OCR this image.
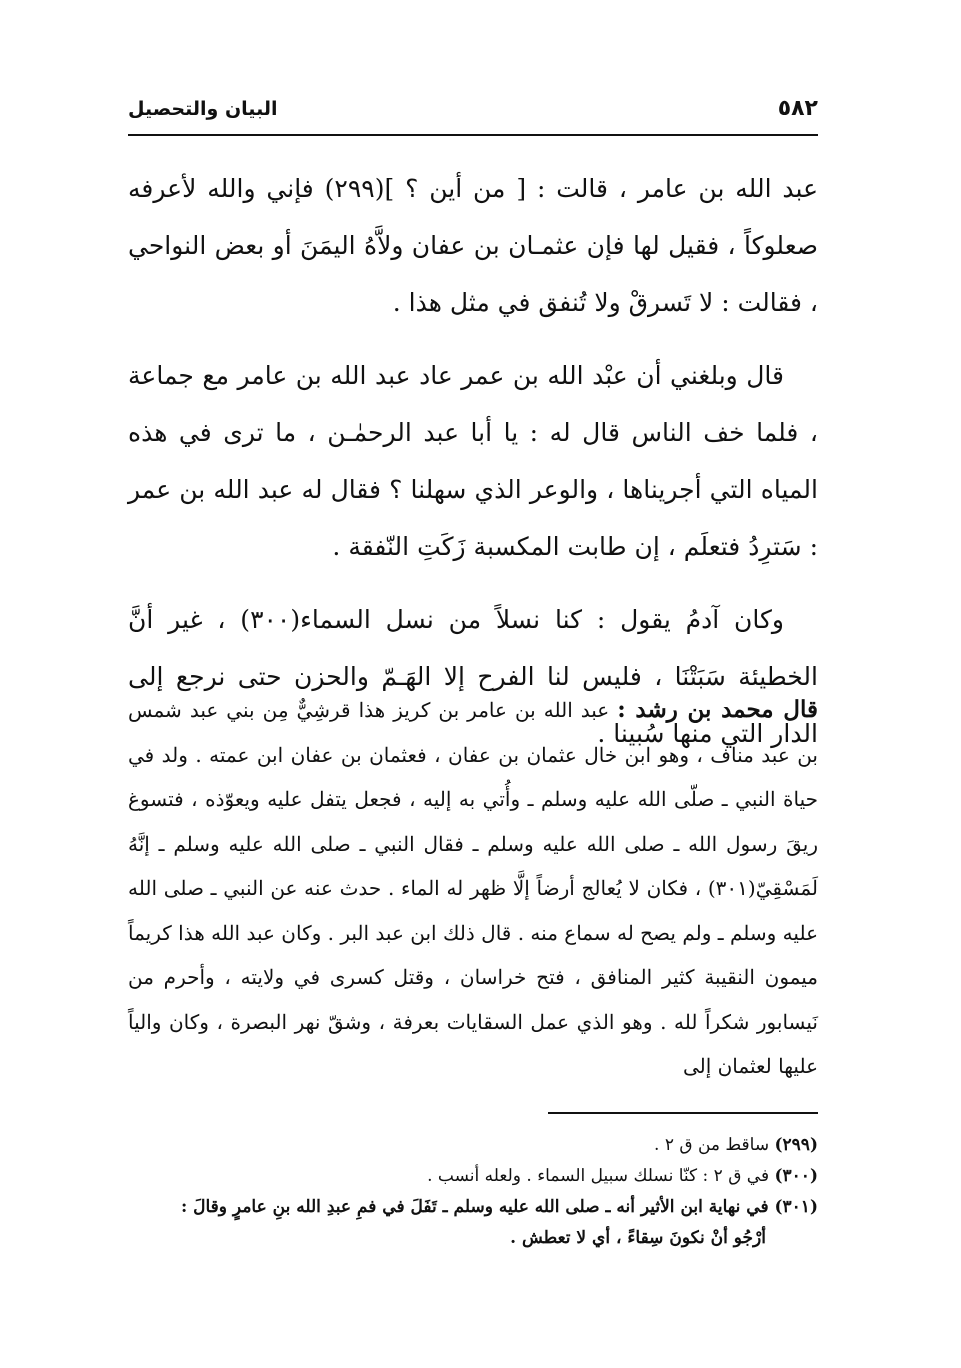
٥٨٢
البيان والتحصيل

عبد الله بن عامر ، قالت : [ من أين ؟ ](٢٩٩) فإني والله لأعرفه صعلوكاً ، فقيل لها فإن عثمـان بن عفان ولاَّهُ اليمَنَ أو بعض النواحي ، فقالت : لا تَسرقْ ولا تُنفق في مثل هذا .

قال وبلغني أن عبْد الله بن عمر عاد عبد الله بن عامر مع جماعة ، فلما خف الناس قال له : يا أبا عبد الرحمٰـن ، ما ترى في هذه المياه التي أجريناها ، والوعر الذي سهلنا ؟ فقال له عبد الله بن عمر : سَترِدُ فتعلَم ، إن طابت المكسبة زَكَتِ النّفقة .

وكان آدمُ يقول : كنا نسلاً من نسل السماء(٣٠٠) ، غير أنَّ الخطيئة سَبَتْنَا ، فليس لنا الفرح إلا الهَـمّ والحزن حتى نرجع إلى الدار التي منها سُبينا .

قال محمد بن رشد : عبد الله بن عامر بن كريز هذا قرشِيٌّ مِن بني عبد شمس بن عبد مناف ، وهو ابن خال عثمان بن عفان ، فعثمان بن عفان ابن عمته . ولد في حياة النبي ـ صلّى الله عليه وسلم ـ وأُتي به إليه ، فجعل يتفل عليه ويعوّذه ، فتسوغ ريقَ رسول الله ـ صلى الله عليه وسلم ـ فقال النبي ـ صلى الله عليه وسلم ـ إنَّهُ لَمَسْقِيّ(٣٠١) ، فكان لا يُعالج أرضاً إلَّا ظهر له الماء . حدث عنه عن النبي ـ صلى الله عليه وسلم ـ ولم يصح له سماع منه . قال ذلك ابن عبد البر . وكان عبد الله هذا كريماً ميمون النقيبة كثير المنافق ، فتح خراسان ، وقتل كسرى في ولايته ، وأحرم من نَيسابور شكراً لله . وهو الذي عمل السقايات بعرفة ، وشقّ نهر البصرة ، وكان والياً عليها لعثمان إلى

(٢٩٩) ساقط من ق ٢ .

(٣٠٠) في ق ٢ : كنّا نسلك سبيل السماء . ولعله أنسب .

(٣٠١) في نهاية ابن الأثير أنه ـ صلى الله عليه وسلم ـ تَفَلَ في فمِ عبدِ الله بنِ عامرٍ وقالَ :
أرْجُو أنْ نكونَ سِقاءً ، أي لا تعطش .
